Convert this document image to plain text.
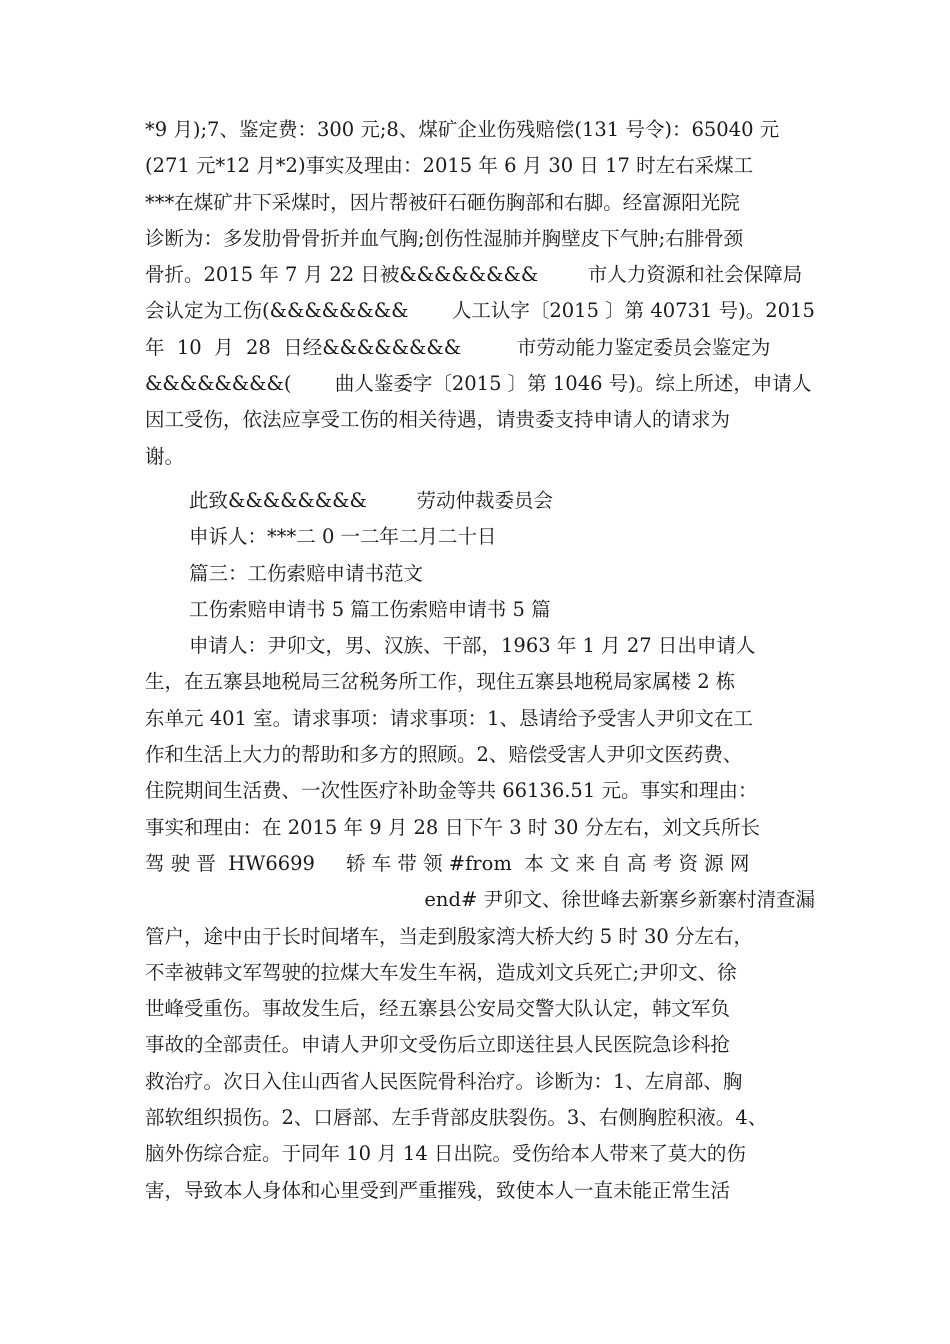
*9 月);7、鉴定费：300 元;8、煤矿企业伤残赔偿(131 号令)：65040 元
(271 元*12 月*2)事实及理由：2015 年 6 月 30 日 17 时左右采煤工
***在煤矿井下采煤时，因片帮被矸石砸伤胸部和右脚。经富源阳光院
诊断为：多发肋骨骨折并血气胸;创伤性湿肺并胸壁皮下气肿;右腓骨颈
骨折。2015 年 7 月 22 日被&&&&&&&&        市人力资源和社会保障局
会认定为工伤(&&&&&&&&       人工认字〔2015 〕第 40731 号)。2015
年  10  月  28  日经&&&&&&&&         市劳动能力鉴定委员会鉴定为
&&&&&&&&(       曲人鉴委字〔2015 〕第 1046 号)。综上所述，申请人
因工受伤，依法应享受工伤的相关待遇，请贵委支持申请人的请求为
谢。
此致&&&&&&&&        劳动仲裁委员会
申诉人：***二 0 一二年二月二十日
篇三：工伤索赔申请书范文
工伤索赔申请书 5 篇工伤索赔申请书 5 篇
申请人：尹卯文，男、汉族、干部，1963 年 1 月 27 日出申请人
生，在五寨县地税局三岔税务所工作，现住五寨县地税局家属楼 2 栋
东单元 401 室。请求事项：请求事项：1、恳请给予受害人尹卯文在工
作和生活上大力的帮助和多方的照顾。2、赔偿受害人尹卯文医药费、
住院期间生活费、一次性医疗补助金等共 66136.51 元。事实和理由：
事实和理由：在 2015 年 9 月 28 日下午 3 时 30 分左右，刘文兵所长
驾 驶 晋  HW6699     轿 车 带 领 #from  本 文 来 自 高 考 资 源 网
end# 尹卯文、徐世峰去新寨乡新寨村清查漏
管户，途中由于长时间堵车，当走到殷家湾大桥大约 5 时 30 分左右，
不幸被韩文军驾驶的拉煤大车发生车祸，造成刘文兵死亡;尹卯文、徐
世峰受重伤。事故发生后，经五寨县公安局交警大队认定，韩文军负
事故的全部责任。申请人尹卯文受伤后立即送往县人民医院急诊科抢
救治疗。次日入住山西省人民医院骨科治疗。诊断为：1、左肩部、胸
部软组织损伤。2、口唇部、左手背部皮肤裂伤。3、右侧胸腔积液。4、
脑外伤综合症。于同年 10 月 14 日出院。受伤给本人带来了莫大的伤
害，导致本人身体和心里受到严重摧残，致使本人一直未能正常生活
